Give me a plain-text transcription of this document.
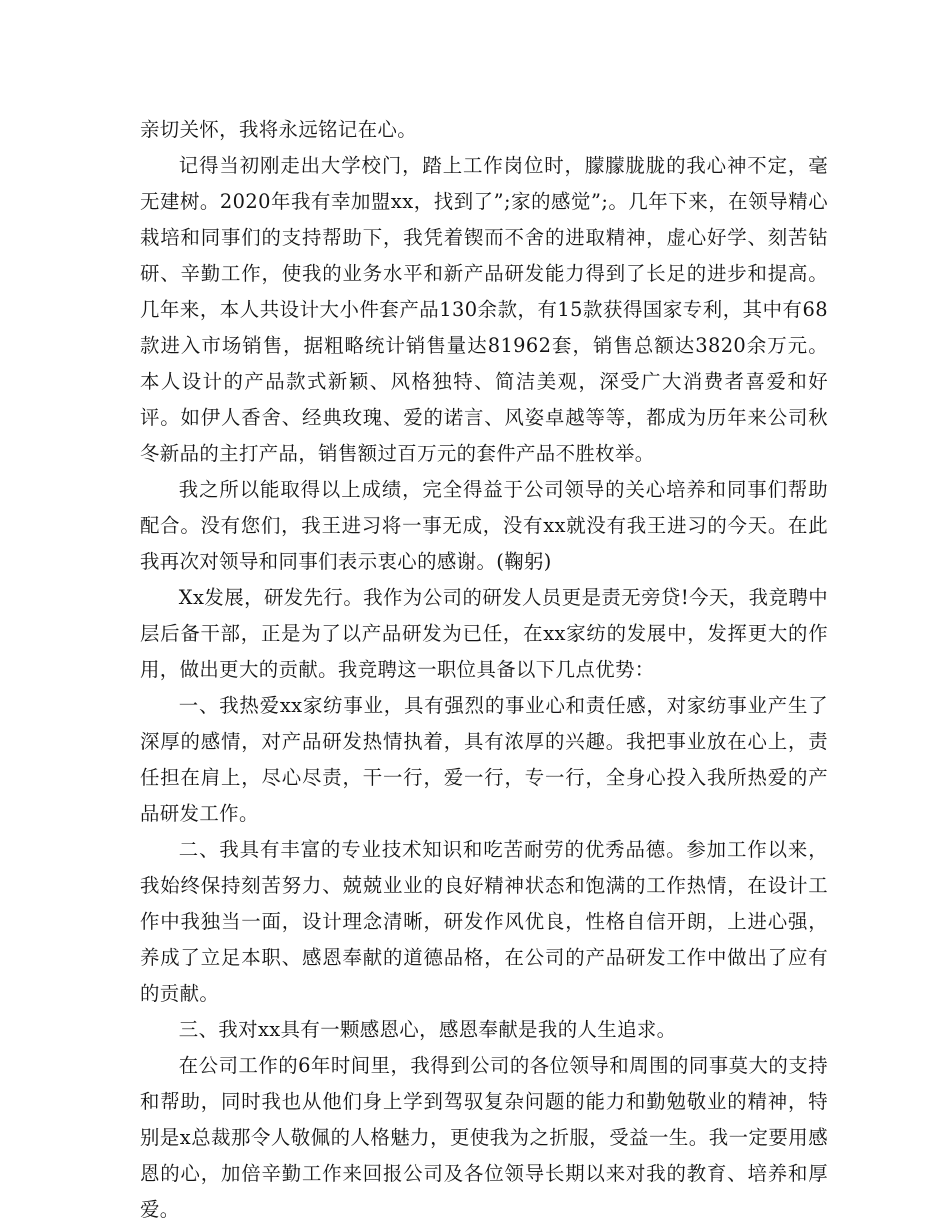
亲切关怀，我将永远铭记在心。

记得当初刚走出大学校门，踏上工作岗位时，朦朦胧胧的我心神不定，毫无建树。2020年我有幸加盟xx，找到了”;家的感觉”;。几年下来，在领导精心栽培和同事们的支持帮助下，我凭着锲而不舍的进取精神，虚心好学、刻苦钻研、辛勤工作，使我的业务水平和新产品研发能力得到了长足的进步和提高。几年来，本人共设计大小件套产品130余款，有15款获得国家专利，其中有68款进入市场销售，据粗略统计销售量达81962套，销售总额达3820余万元。本人设计的产品款式新颖、风格独特、简洁美观，深受广大消费者喜爱和好评。如伊人香舍、经典玫瑰、爱的诺言、风姿卓越等等，都成为历年来公司秋冬新品的主打产品，销售额过百万元的套件产品不胜枚举。

我之所以能取得以上成绩，完全得益于公司领导的关心培养和同事们帮助配合。没有您们，我王进习将一事无成，没有xx就没有我王进习的今天。在此我再次对领导和同事们表示衷心的感谢。(鞠躬)

Xx发展，研发先行。我作为公司的研发人员更是责无旁贷!今天，我竞聘中层后备干部，正是为了以产品研发为已任，在xx家纺的发展中，发挥更大的作用，做出更大的贡献。我竞聘这一职位具备以下几点优势：

一、我热爱xx家纺事业，具有强烈的事业心和责任感，对家纺事业产生了深厚的感情，对产品研发热情执着，具有浓厚的兴趣。我把事业放在心上，责任担在肩上，尽心尽责，干一行，爱一行，专一行，全身心投入我所热爱的产品研发工作。

二、我具有丰富的专业技术知识和吃苦耐劳的优秀品德。参加工作以来，我始终保持刻苦努力、兢兢业业的良好精神状态和饱满的工作热情，在设计工作中我独当一面，设计理念清晰，研发作风优良，性格自信开朗，上进心强，养成了立足本职、感恩奉献的道德品格，在公司的产品研发工作中做出了应有的贡献。

三、我对xx具有一颗感恩心，感恩奉献是我的人生追求。

在公司工作的6年时间里，我得到公司的各位领导和周围的同事莫大的支持和帮助，同时我也从他们身上学到驾驭复杂问题的能力和勤勉敬业的精神，特别是x总裁那令人敬佩的人格魅力，更使我为之折服，受益一生。我一定要用感恩的心，加倍辛勤工作来回报公司及各位领导长期以来对我的教育、培养和厚爱。
